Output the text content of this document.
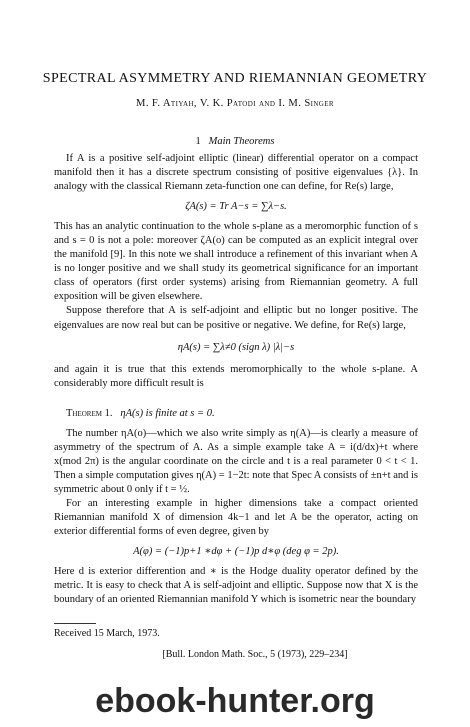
SPECTRAL ASYMMETRY AND RIEMANNIAN GEOMETRY
M. F. Atiyah, V. K. Patodi and I. M. Singer
1 Main Theorems

If A is a positive self-adjoint elliptic (linear) differential operator on a compact manifold then it has a discrete spectrum consisting of positive eigenvalues {λ}. In analogy with the classical Riemann zeta-function one can define, for Re(s) large,

ζA(s) = Tr A−s = ∑λ−s.

This has an analytic continuation to the whole s-plane as a meromorphic function of s and s = 0 is not a pole: moreover ζA(o) can be computed as an explicit integral over the manifold [9]. In this note we shall introduce a refinement of this invariant when A is no longer positive and we shall study its geometrical significance for an important class of operators (first order systems) arising from Riemannian geometry. A full exposition will be given elsewhere.

Suppose therefore that A is self-adjoint and elliptic but no longer positive. The eigenvalues are now real but can be positive or negative. We define, for Re(s) large,

ηA(s) = ∑λ≠0 (sign λ) |λ|−s

and again it is true that this extends meromorphically to the whole s-plane. A considerably more difficult result is

Theorem 1. ηA(s) is finite at s = 0.

The number ηA(o)—which we also write simply as η(A)—is clearly a measure of asymmetry of the spectrum of A. As a simple example take A = i(d/dx)+t where x(mod 2π) is the angular coordinate on the circle and t is a real parameter 0 < t < 1. Then a simple computation gives η(A) = 1−2t: note that Spec A consists of ±n+t and is symmetric about 0 only if t = ½.

For an interesting example in higher dimensions take a compact oriented Riemannian manifold X of dimension 4k−1 and let A be the operator, acting on exterior differential forms of even degree, given by

A(φ) = (−1)p+1 ∗dφ + (−1)p d∗φ (deg φ = 2p).

Here d is exterior differention and ∗ is the Hodge duality operator defined by the metric. It is easy to check that A is self-adjoint and elliptic. Suppose now that X is the boundary of an oriented Riemannian manifold Y which is isometric near the boundary

Received 15 March, 1973.
[Bull. London Math. Soc., 5 (1973), 229–234]
ebook-hunter.org
